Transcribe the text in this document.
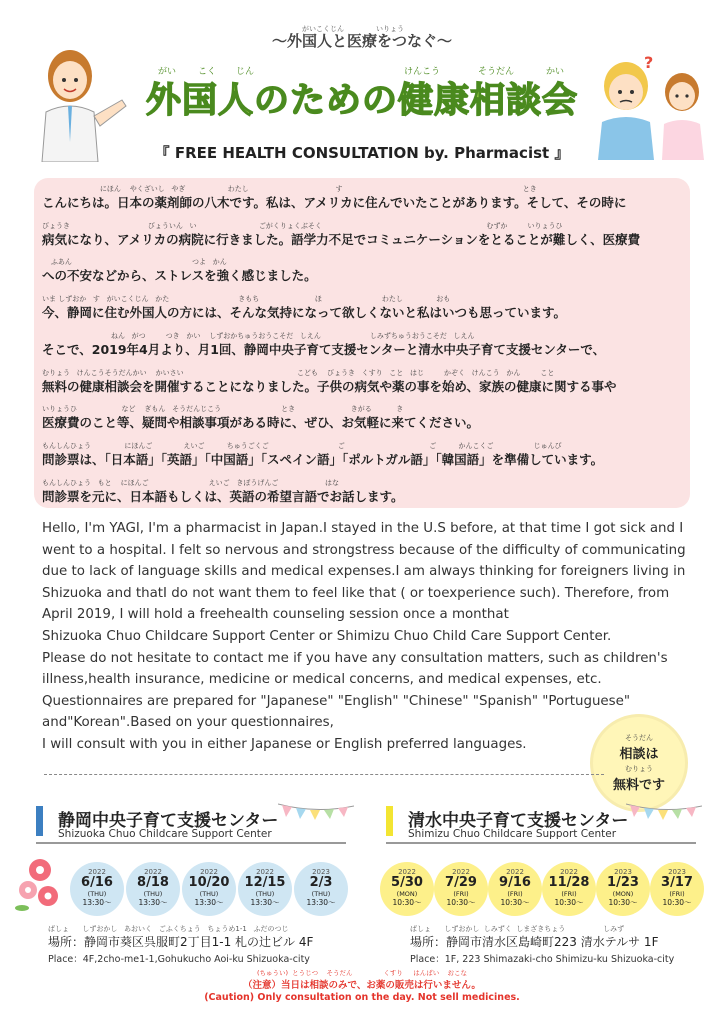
?
～外国人と医療をつなぐ～
がいこくじん	いりょう
がい こく じん	けんこう	そうだん	かい
外国人のための健康相談会
『 FREE HEALTH CONSULTATION by. Pharmacist 』
にほん    やくざいし   やぎ                   わたし                                       す                                                                                 とき
こんにちは。日本の薬剤師の八木です。私は、アメリカに住んでいたことがあります。そして、その時に
びょうき                                   びょういん   い                            ごがくりょくぶそく                                                                          むずか         いりょうひ
病気になり、アメリカの病院に行きました。語学力不足でコミュニケーションをとることが難しく、医療費
ふあん                                                      つよ   かん
への不安などから、ストレスを強く感じました。
いま しずおか   す   がいこくじん   かた                               きもち                         ほ                           わたし               おも
今、静岡に住む外国人の方には、そんな気持になって欲しくないと私はいつも思っています。
ねん   がつ         つき   かい    しずおかちゅうおうこそだ   しえん                      しみずちゅうおうこそだ   しえん
そこで、2019年4月より、月1回、静岡中央子育て支援センターと清水中央子育て支援センターで、
むりょう   けんこうそうだんかい    かいさい                                                   こども    びょうき   くすり   こと   はじ         かぞく   けんこう   かん         こと
無料の健康相談会を開催することになりました。子供の病気や薬の事を始め、家族の健康に関する事や
いりょうひ                    など    ぎもん   そうだんじこう                           とき                         きがる           き
医療費のこと等、疑問や相談事項がある時に、ぜひ、お気軽に来てください。
もんしんひょう               にほんご              えいご          ちゅうごくご                               ご                                      ご          かんこくご                  じゅんび
問診票は、「日本語」「英語」「中国語」「スペイン語」「ポルトガル語」「韓国語」を準備しています。
もんしんひょう   もと    にほんご                           えいご   きぼうげんご                     はな
問診票を元に、日本語もしくは、英語の希望言語でお話します。
Hello, I'm YAGI, I'm a pharmacist in Japan.I stayed in the U.S before, at that time I got sick and I
went to a hospital. I felt so nervous and strongstress because of the difficulty of communicating
due to lack of language skills and medical expenses.I am always thinking for foreigners living in
Shizuoka and thatI do not want them to feel like that ( or toexperience such). Therefore, from
April 2019, I will hold a freehealth counseling session once a monthat
Shizuoka Chuo Childcare Support Center or Shimizu Chuo Child Care Support Center.
Please do not hesitate to contact me if you have any consultation matters, such as children's
illness,health insurance, medicine or medical concerns, and medical expenses, etc.
Questionnaires are prepared for "Japanese" "English" "Chinese" "Spanish" "Portuguese"
and"Korean".Based on your questionnaires,
I will consult with you in either Japanese or English preferred languages.	そうだん
相談は
むりょう
無料です
静岡中央子育て支援センター
Shizuoka Chuo Childcare Support Center
2022
6/16
(THU)
13:30～
2022
8/18
(THU)
13:30～
2022
10/20
(THU)
13:30～
2022
12/15
(THU)
13:30～
2023
2/3
(THU)
13:30～
ばしょ      しずおかし   あおいく   ごふくちょう   ちょうめ1-1   ふだのつじ
場所：静岡市葵区呉服町2丁目1-1 札の辻ビル 4F
Place：4F,2cho-me1-1,Gohukucho Aoi-ku Shizuoka-city
清水中央子育て支援センター
Shimizu Chuo Childcare Support Center
2022
5/30
(MON)
10:30～
2022
7/29
(FRI)
10:30～
2022
9/16
(FRI)
10:30～
2022
11/28
(FRI)
10:30～
2023
1/23
(MON)
10:30～
2023
3/17
(FRI)
10:30～
ばしょ      しずおかし  しみずく  しまざきちょう                 しみず
場所：静岡市清水区島崎町223 清水テルサ 1F
Place：1F, 223 Shimazaki-cho Shimizu-ku Shizuoka-city
(ちゅうい)  とうじつ    そうだん               くすり     はんばい    おこな
（注意）当日は相談のみで、お薬の販売は行いません。
(Caution) Only consultation on the day. Not sell medicines.
